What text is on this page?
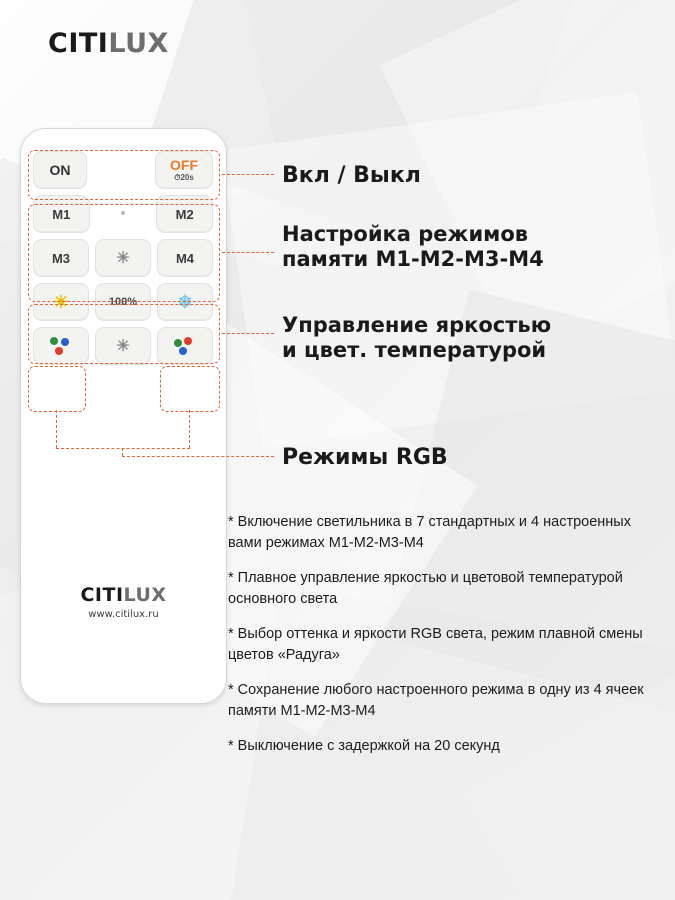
CITILUX
ON	OFF
⏱20s
M1	M2
M3	☀	M4
☀	100% ❄
☀
CITILUX
www.citilux.ru
Вкл / Выкл
Настройка режимов
памяти M1-M2-M3-M4
Управление яркостью
и цвет. температурой
Режимы RGB
* Включение светильника в 7 стандартных и 4 настроенных вами режимах M1-M2-M3-M4
* Плавное управление яркостью и цветовой температурой основного света
* Выбор оттенка и яркости RGB света, режим плавной смены цветов «Радуга»
* Сохранение любого настроенного режима в одну из 4 ячеек памяти M1-M2-M3-M4
* Выключение с задержкой на 20 секунд
